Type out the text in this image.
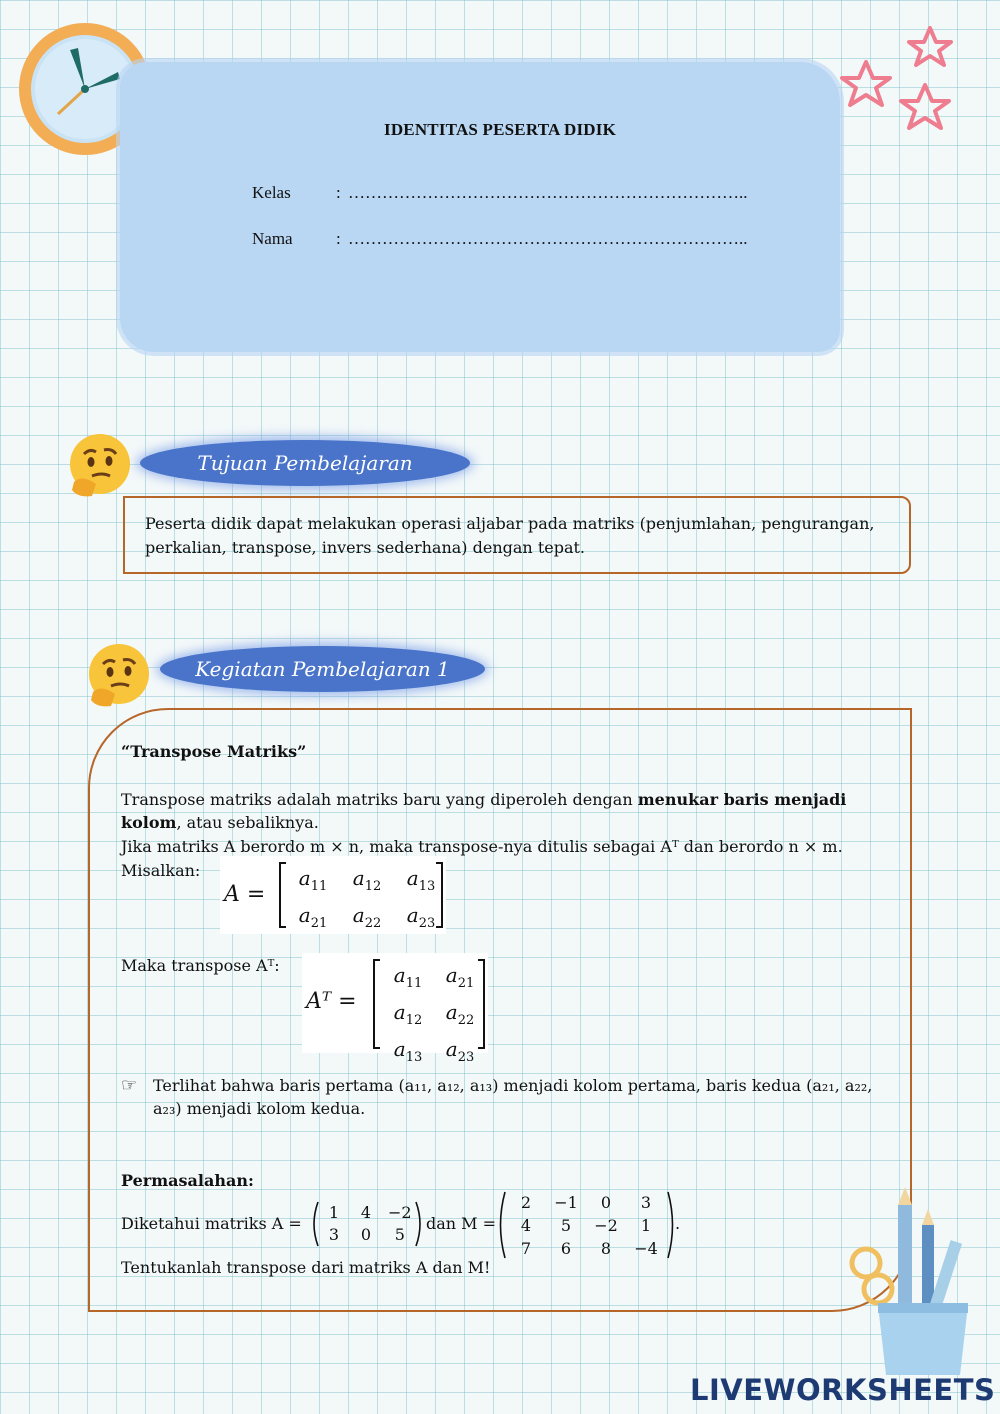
IDENTITAS PESERTA DIDIK
Kelas	: ……………………………………………………………..
Nama	: ……………………………………………………………..
Tujuan Pembelajaran
Peserta didik dapat melakukan operasi aljabar pada matriks (penjumlahan, pengurangan, perkalian, transpose, invers sederhana) dengan tepat.
Kegiatan Pembelajaran 1
“Transpose Matriks”
Transpose matriks adalah matriks baru yang diperoleh dengan menukar baris menjadi kolom, atau sebaliknya.
Jika matriks A berordo m × n, maka transpose-nya ditulis sebagai Aᵀ dan berordo n × m.
Misalkan:
A =
$a_{11}$	$a_{12}$	$a_{13}$
$a_{21}$	$a_{22}$	$a_{23}$
Maka transpose Aᵀ:
Aᵀ =
$a_{11}$	$a_{21}$
$a_{12}$	$a_{22}$
$a_{13}$	$a_{23}$
☞ Terlihat bahwa baris pertama (a₁₁, a₁₂, a₁₃) menjadi kolom pertama, baris kedua (a₂₁, a₂₂, a₂₃) menjadi kolom kedua.
Permasalahan:
Diketahui matriks A =
1	4	−2
3	0	5
dan M =
2	−1	0	3
4	5	−2	1
7	6	8	−4
.
Tentukanlah transpose dari matriks A dan M!
LIVEWORKSHEETS
